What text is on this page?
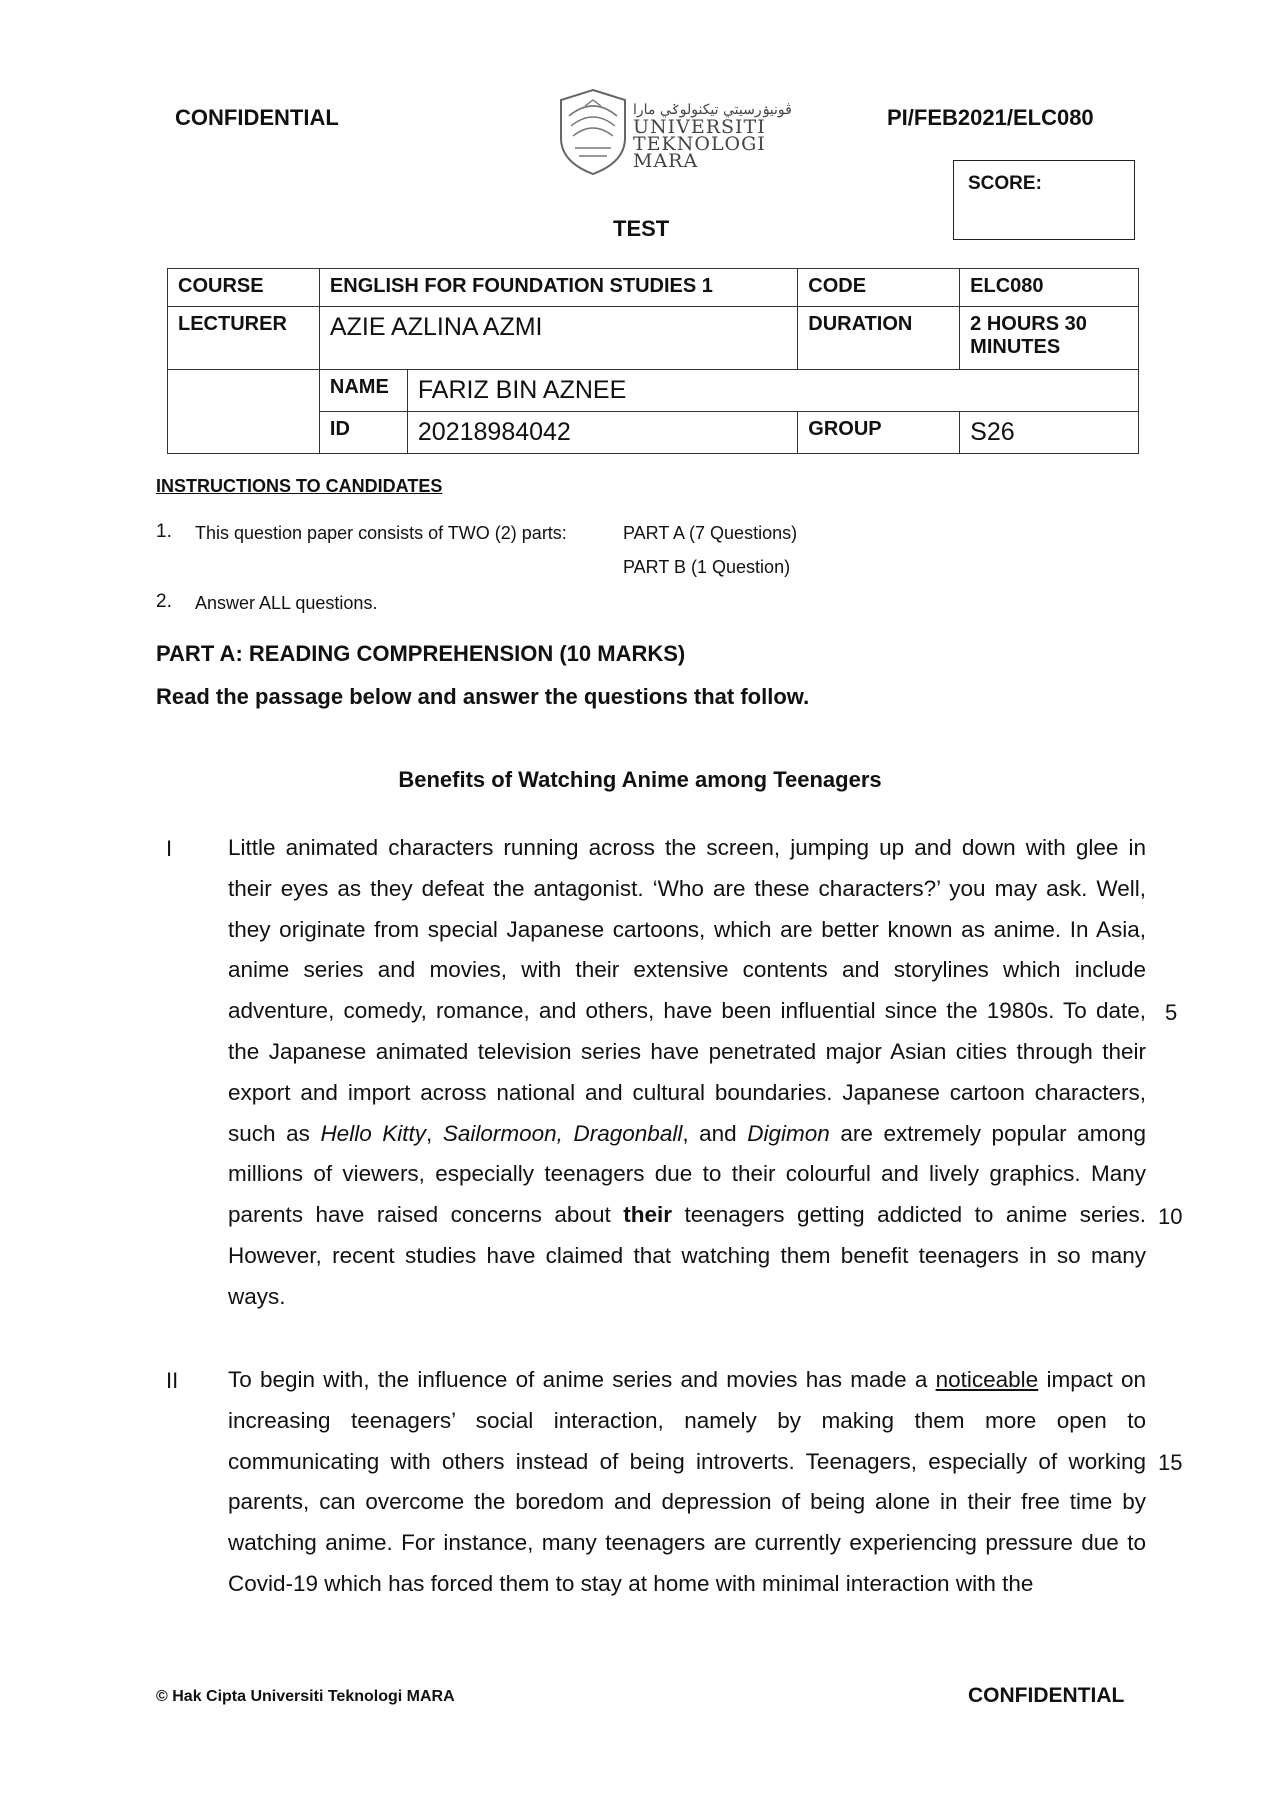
CONFIDENTIAL	ڤونيۏرسيتي تيكنولوݢي مارا
UNIVERSITI
TEKNOLOGI
MARA
PI/FEB2021/ELC080
SCORE:
TEST
COURSE	ENGLISH FOR FOUNDATION STUDIES 1		CODE	ELC080
LECTURER	AZIE AZLINA AZMI		DURATION	2 HOURS 30 MINUTES
	NAME	FARIZ BIN AZNEE		
	ID	20218984042	GROUP	S26
INSTRUCTIONS TO CANDIDATES
1. This question paper consists of TWO (2) parts:	PART A (7 Questions)
PART B (1 Question)
2. Answer ALL questions.
PART A: READING COMPREHENSION (10 MARKS)
Read the passage below and answer the questions that follow.
Benefits of Watching Anime among Teenagers
I Little animated characters running across the screen, jumping up and down with glee in their eyes as they defeat the antagonist. ‘Who are these characters?’ you may ask. Well, they originate from special Japanese cartoons, which are better known as anime. In Asia, anime series and movies, with their extensive contents and storylines which include adventure, comedy, romance, and others, have been influential since the 1980s. To date, the Japanese animated television series have penetrated major Asian cities through their export and import across national and cultural boundaries. Japanese cartoon characters, such as Hello Kitty, Sailormoon, Dragonball, and Digimon are extremely popular among millions of viewers, especially teenagers due to their colourful and lively graphics. Many parents have raised concerns about their teenagers getting addicted to anime series. However, recent studies have claimed that watching them benefit teenagers in so many ways.
5
10
II To begin with, the influence of anime series and movies has made a noticeable impact on increasing teenagers’ social interaction, namely by making them more open to communicating with others instead of being introverts. Teenagers, especially of working parents, can overcome the boredom and depression of being alone in their free time by watching anime. For instance, many teenagers are currently experiencing pressure due to Covid-19 which has forced them to stay at home with minimal interaction with the
15
© Hak Cipta Universiti Teknologi MARA	CONFIDENTIAL
